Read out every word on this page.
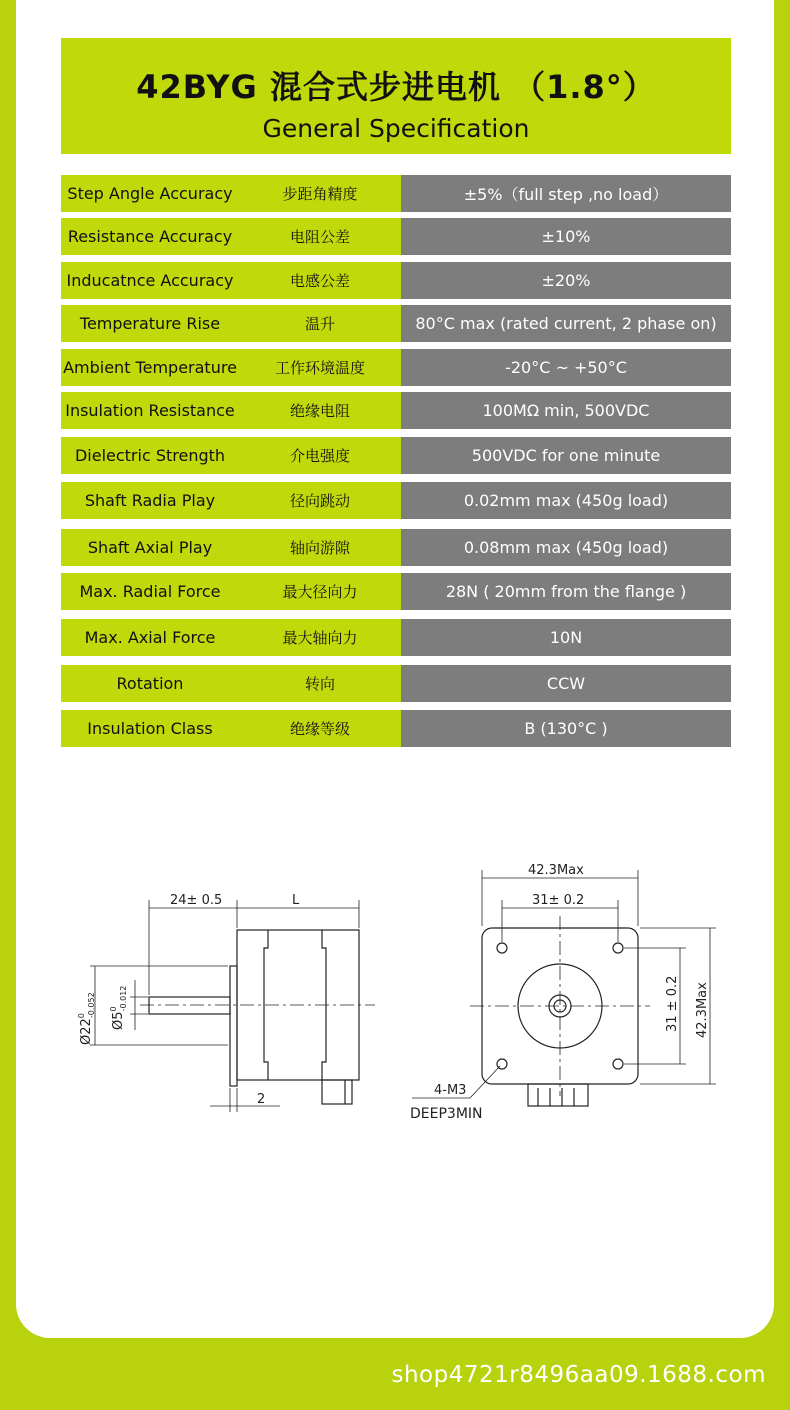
42BYG 混合式步进电机 （1.8°）
General Specification
Step Angle Accuracy	步距角精度	±5%（full step ,no load）
Resistance Accuracy	电阻公差	±10%
Inducatnce Accuracy	电感公差	±20%
Temperature Rise	温升	80°C max (rated current, 2 phase on)
Ambient Temperature	工作环境温度	-20°C ~ +50°C
Insulation Resistance	绝缘电阻	100MΩ min, 500VDC
Dielectric Strength	介电强度	500VDC for one minute
Shaft Radia Play	径向跳动	0.02mm max (450g load)
Shaft Axial Play	轴向游隙	0.08mm max (450g load)
Max. Radial Force	最大径向力	28N ( 20mm from the flange )
Max. Axial Force	最大轴向力	10N
Rotation	转向	CCW
Insulation Class	绝缘等级	B (130°C )
24± 0.5	L
2
$Ø22^0-0.052$
$Ø5^0-0.012$
42.3Max
31± 0.2
31 ± 0.2 42.3Max
4-M3
DEEP3MIN
shop4721r8496aa09.1688.com
